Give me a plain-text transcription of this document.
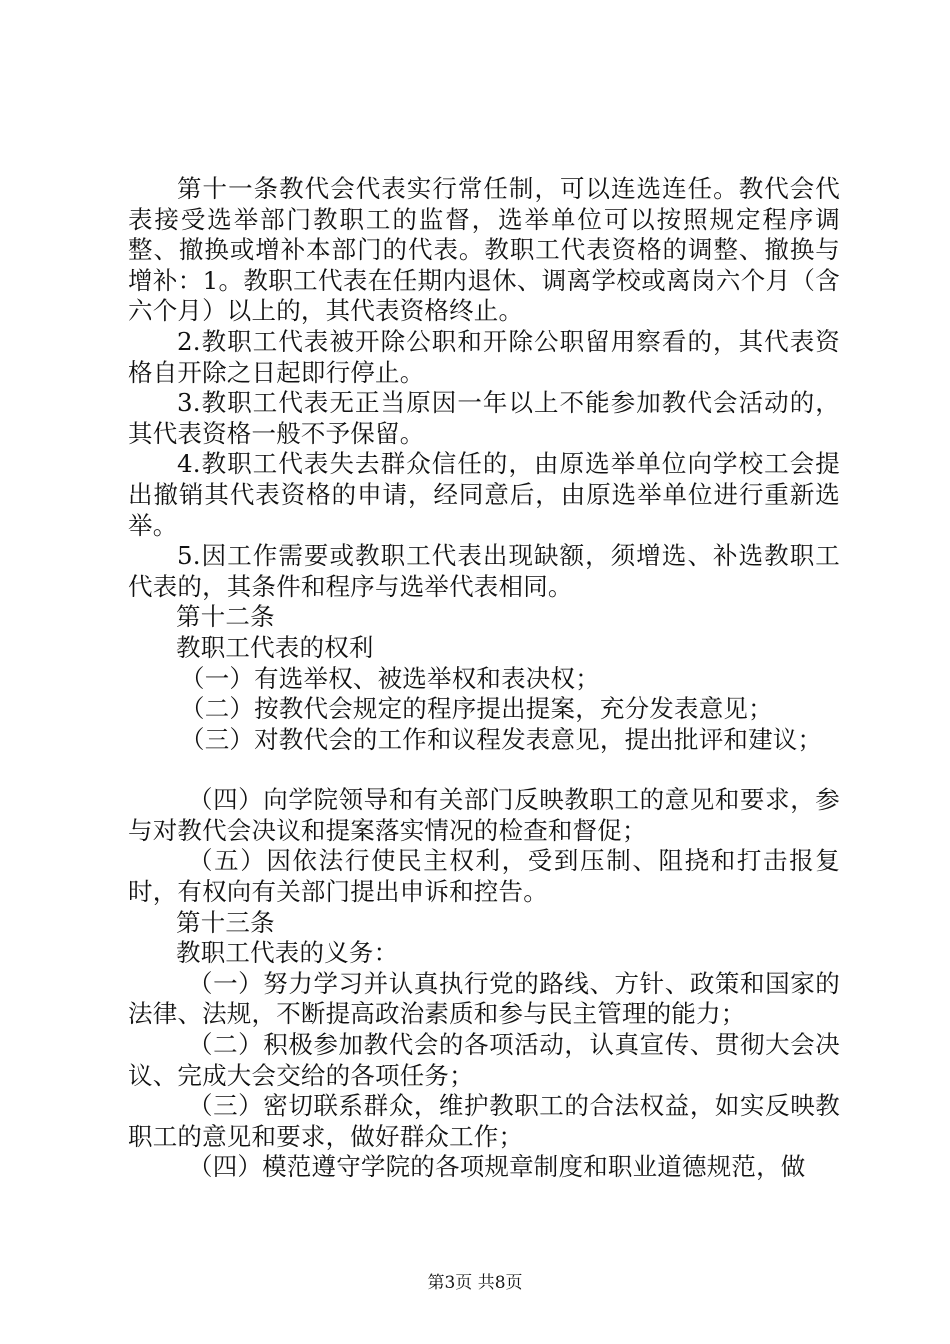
第十一条教代会代表实行常任制，可以连选连任。教代会代表接受选举部门教职工的监督，选举单位可以按照规定程序调整、撤换或增补本部门的代表。教职工代表资格的调整、撤换与增补：1。教职工代表在任期内退休、调离学校或离岗六个月（含六个月）以上的，其代表资格终止。

2.教职工代表被开除公职和开除公职留用察看的，其代表资格自开除之日起即行停止。

3.教职工代表无正当原因一年以上不能参加教代会活动的，其代表资格一般不予保留。

4.教职工代表失去群众信任的，由原选举单位向学校工会提出撤销其代表资格的申请，经同意后，由原选举单位进行重新选举。

5.因工作需要或教职工代表出现缺额，须增选、补选教职工代表的，其条件和程序与选举代表相同。

第十二条

教职工代表的权利

（一）有选举权、被选举权和表决权；

（二）按教代会规定的程序提出提案，充分发表意见；

（三）对教代会的工作和议程发表意见，提出批评和建议；

（四）向学院领导和有关部门反映教职工的意见和要求，参与对教代会决议和提案落实情况的检查和督促；

（五）因依法行使民主权利，受到压制、阻挠和打击报复时，有权向有关部门提出申诉和控告。

第十三条

教职工代表的义务：

（一）努力学习并认真执行党的路线、方针、政策和国家的法律、法规，不断提高政治素质和参与民主管理的能力；

（二）积极参加教代会的各项活动，认真宣传、贯彻大会决议、完成大会交给的各项任务；

（三）密切联系群众，维护教职工的合法权益，如实反映教职工的意见和要求，做好群众工作；

（四）模范遵守学院的各项规章制度和职业道德规范，做

第3页 共8页
